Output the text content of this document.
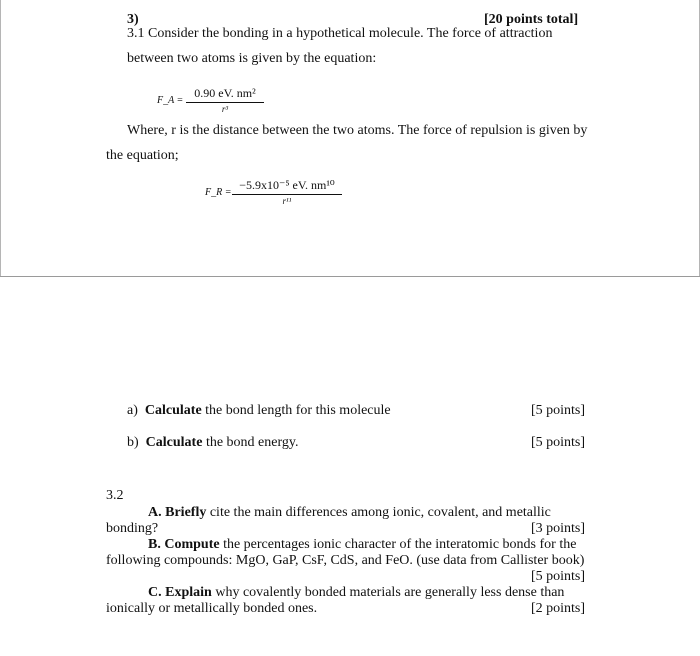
3)	[20 points total]
3.1 Consider the bonding in a hypothetical molecule. The force of attraction
between two atoms is given by the equation:
F_A =
0.90 eV. nm²
r³
Where, r is the distance between the two atoms. The force of repulsion is given by
the equation;
F_R =
−5.9x10⁻⁵ eV. nm¹⁰
r¹¹
a) Calculate the bond length for this molecule	[5 points]
b) Calculate the bond energy.	[5 points]
3.2
A. Briefly cite the main differences among ionic, covalent, and metallic
bonding?	[3 points]
B. Compute the percentages ionic character of the interatomic bonds for the
following compounds: MgO, GaP, CsF, CdS, and FeO. (use data from Callister book)
[5 points]
C. Explain why covalently bonded materials are generally less dense than
ionically or metallically bonded ones.	[2 points]
